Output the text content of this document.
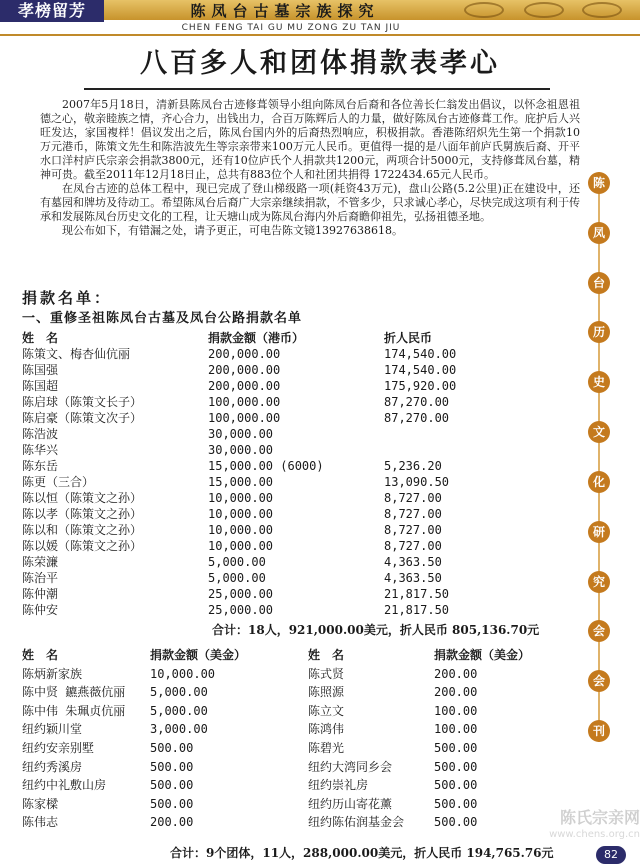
孝榜留芳	陈凤台古墓宗族探究
CHEN FENG TAI GU MU ZONG ZU TAN JIU
八百多人和团体捐款表孝心

2007年5月18日，清新县陈凤台古迹修葺领导小组向陈凤台后裔和各位善长仁翁发出倡议，以怀念祖恩祖德之心，敬亲睦族之情，齐心合力，出钱出力，合百万陈辉后人的力量，做好陈凤台古迹修葺工作。庇护后人兴旺发达，家国複样！倡议发出之后，陈凤台国内外的后裔热烈响应，积极捐款。香港陈绍炽先生第一个捐款10万元港币，陈策文先生和陈浩波先生等宗亲带来100万元人民币。更值得一提的是八面年前庐氏舅族后裔、开平水口洋村庐氏宗亲会捐款3800元，还有10位庐氏个人捐款共1200元，两项合计5000元，支持修葺凤台墓，精神可贵。截至2011年12月18日止，总共有883位个人和社团共捐得 1722434.65元人民币。

在凤台古迹的总体工程中，现已完成了登山梯级路一项(耗资43万元)，盘山公路(5.2公里)正在建设中，还有墓园和牌坊及待动工。希望陈凤台后裔广大宗亲继续捐款，不管多少，只求诚心孝心，尽快完成这项有利于传承和发展陈凤台历史文化的工程，让天塘山成为陈凤台海内外后裔瞻仰祖先，弘扬祖德圣地。

现公布如下，有错漏之处，请予更正，可电告陈文镜13927638618。

陈
凤
台
历
史
文
化
研
究
会
会
刊
捐款名单：
一、重修圣祖陈凤台古墓及凤台公路捐款名单
姓　名	捐款金额（港币）	折人民币
陈策文、梅杏仙伉丽	200,000.00	174,540.00
陈国强	200,000.00	174,540.00
陈国超	200,000.00	175,920.00
陈启球（陈策文长子）	100,000.00	87,270.00
陈启豪（陈策文次子）	100,000.00	87,270.00
陈浩波	30,000.00
陈华兴	30,000.00
陈东岳	15,000.00 (6000)	5,236.20
陈更（三合）	15,000.00	13,090.50
陈以恒（陈策文之孙）	10,000.00	8,727.00
陈以孝（陈策文之孙）	10,000.00	8,727.00
陈以和（陈策文之孙）	10,000.00	8,727.00
陈以媛（陈策文之孙）	10,000.00	8,727.00
陈荣濂	5,000.00	4,363.50
陈治平	5,000.00	4,363.50
陈仲潮	25,000.00	21,817.50
陈仲安	25,000.00	21,817.50
合计：18人，921,000.00美元，折人民币 805,136.70元
姓　名	捐款金额（美金）	姓　名	捐款金额（美金）
陈炳新家族	10,000.00	陈式贤	200.00
陈中贤 鑣燕薇伉丽 5,000.00	陈照源	200.00
陈中伟 朱珮贞伉丽 5,000.00	陈立文	100.00
纽约颖川堂	3,000.00	陈鸿伟	100.00
纽约安亲别墅	500.00	陈碧光	500.00
纽约秀溪房	500.00	纽约大湾同乡会	500.00
纽约中礼敷山房	500.00	纽约崇礼房	500.00
陈家樑	500.00	纽约历山寄花薰	500.00
陈伟志	200.00	纽约陈佑润基金会 500.00
合计：9个团体，11人，288,000.00美元，折人民币 194,765.76元
陈氏宗亲网
www.chens.org.cn
82
